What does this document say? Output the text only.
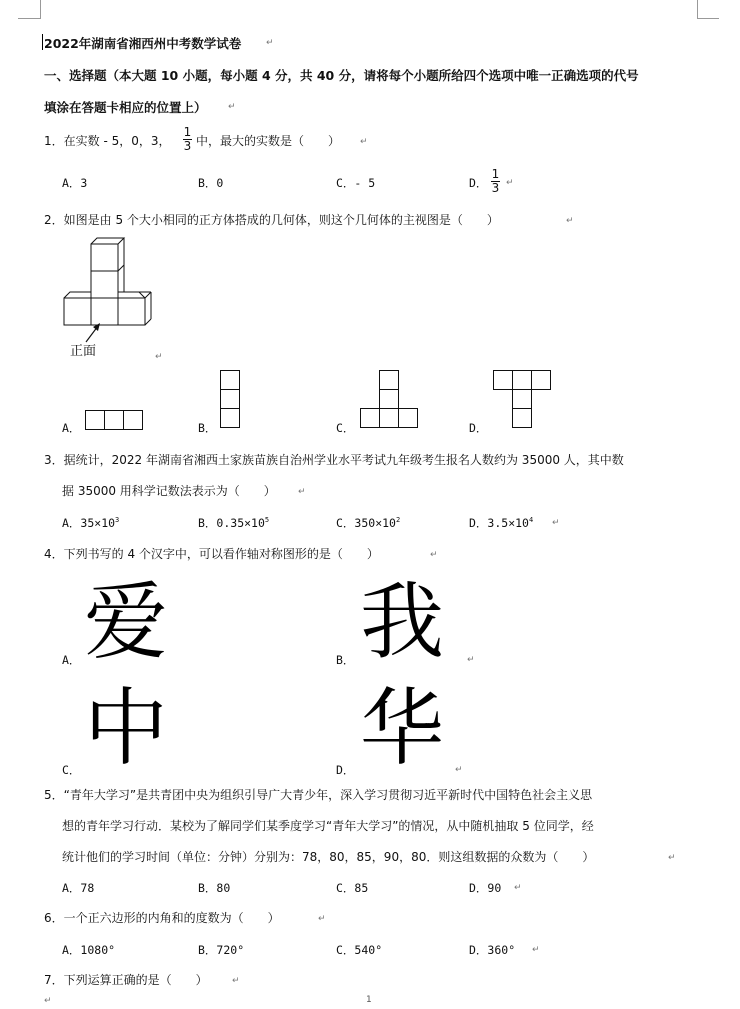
2022年湖南省湘西州中考数学试卷	↵
一、选择题（本大题 10 小题，每小题 4 分，共 40 分，请将每个小题所给四个选项中唯一正确选项的代号
填涂在答题卡相应的位置上） ↵
1．在实数 - 5，0，3，
1
3 中，最大的实数是（　　） ↵
A．3	B．0	C．- 5	D．
1
3 ↵
2．如图是由 5 个大小相同的正方体搭成的几何体，则这个几何体的主视图是（　　）	↵
正面	↵
A．	B．	C．	D．
3．据统计，2022 年湖南省湘西土家族苗族自治州学业水平考试九年级考生报名人数约为 35000 人，其中数
据 35000 用科学记数法表示为（　　） ↵
A．$35\times 10^3$	B．$0.35\times 10^5$	C．$350\times 10^2$	D．$3.5\times 10^4$ ↵
4．下列书写的 4 个汉字中，可以看作轴对称图形的是（　　）	↵
A． 爱	B． 我	↵
C． 中	D． 华 ↵
5．“青年大学习”是共青团中央为组织引导广大青少年，深入学习贯彻习近平新时代中国特色社会主义思
想的青年学习行动．某校为了解同学们某季度学习“青年大学习”的情况，从中随机抽取 5 位同学，经
统计他们的学习时间（单位：分钟）分别为：78，80，85，90，80．则这组数据的众数为（　　）	↵
A．78	B．80	C．85	D．90 ↵
6．一个正六边形的内角和的度数为（　　）	↵
A．1080°	B．720°	C．540°	D．360° ↵
7．下列运算正确的是（　　）	↵
↵	1
